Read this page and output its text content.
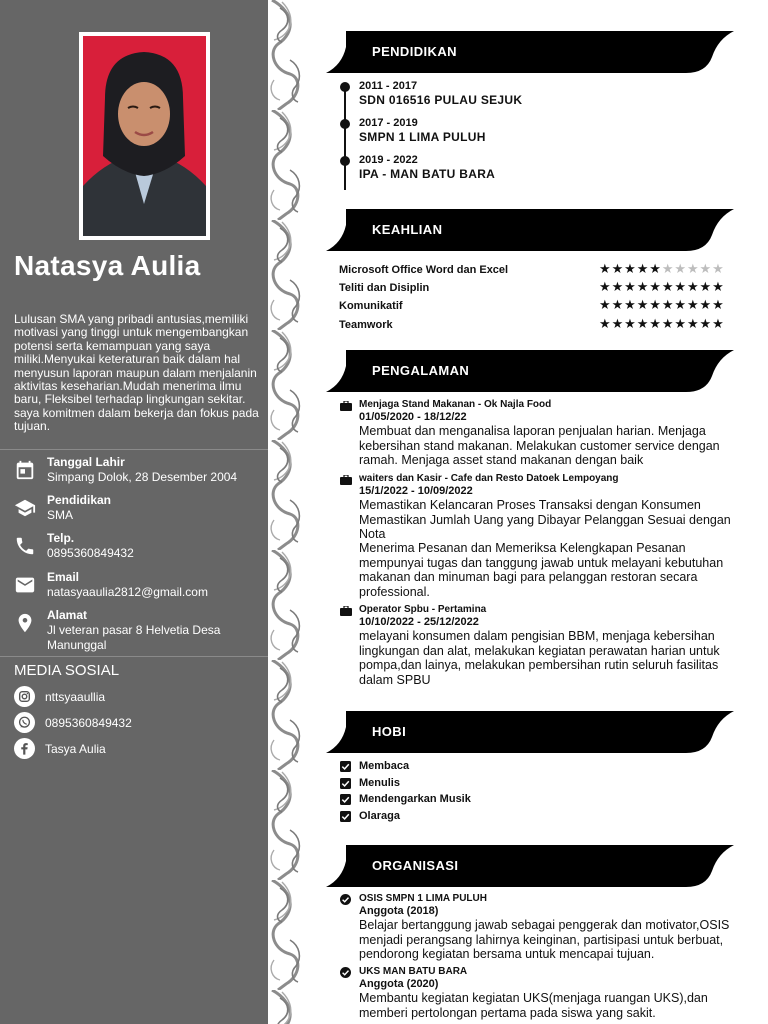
Natasya Aulia
Lulusan SMA yang pribadi antusias,memiliki motivasi yang tinggi untuk mengembangkan potensi serta kemampuan yang saya miliki.Menyukai keteraturan baik dalam hal menyusun laporan maupun dalam menjalanin aktivitas keseharian.Mudah menerima ilmu baru, Fleksibel terhadap lingkungan sekitar. saya komitmen dalam bekerja dan fokus pada tujuan.
Tanggal Lahir
Simpang Dolok, 28 Desember 2004
Pendidikan
SMA
Telp.
0895360849432
Email
natasyaaulia2812@gmail.com
Alamat
Jl veteran pasar 8 Helvetia Desa Manunggal
MEDIA SOSIAL
nttsyaaullia
0895360849432
Tasya Aulia
PENDIDIKAN
2011 - 2017
SDN 016516 PULAU SEJUK
2017 - 2019
SMPN 1 LIMA PULUH
2019 - 2022
IPA - MAN BATU BARA
KEAHLIAN
Microsoft Office Word dan Excel	★★★★★★★★★★
Teliti dan Disiplin	★★★★★★★★★★
Komunikatif	★★★★★★★★★★
Teamwork	★★★★★★★★★★
PENGALAMAN
Menjaga Stand Makanan - Ok Najla Food
01/05/2020 - 18/12/22
Membuat dan menganalisa laporan penjualan harian. Menjaga kebersihan stand makanan. Melakukan customer service dengan ramah. Menjaga asset stand makanan dengan baik
waiters dan Kasir - Cafe dan Resto Datoek Lempoyang
15/1/2022 - 10/09/2022
Memastikan Kelancaran Proses Transaksi dengan Konsumen Memastikan Jumlah Uang yang Dibayar Pelanggan Sesuai dengan Nota
Menerima Pesanan dan Memeriksa Kelengkapan Pesanan mempunyai tugas dan tanggung jawab untuk melayani kebutuhan makanan dan minuman bagi para pelanggan restoran secara professional.
Operator Spbu - Pertamina
10/10/2022 - 25/12/2022
melayani konsumen dalam pengisian BBM, menjaga kebersihan lingkungan dan alat, melakukan kegiatan perawatan harian untuk pompa,dan lainya, melakukan pembersihan rutin seluruh fasilitas dalam SPBU
HOBI
Membaca
Menulis
Mendengarkan Musik
Olaraga
ORGANISASI
OSIS SMPN 1 LIMA PULUH
Anggota (2018)
Belajar bertanggung jawab sebagai penggerak dan motivator,OSIS menjadi perangsang lahirnya keinginan, partisipasi untuk berbuat, pendorong kegiatan bersama untuk mencapai tujuan.
UKS MAN BATU BARA
Anggota (2020)
Membantu kegiatan kegiatan UKS(menjaga ruangan UKS),dan memberi pertolongan pertama pada siswa yang sakit.
